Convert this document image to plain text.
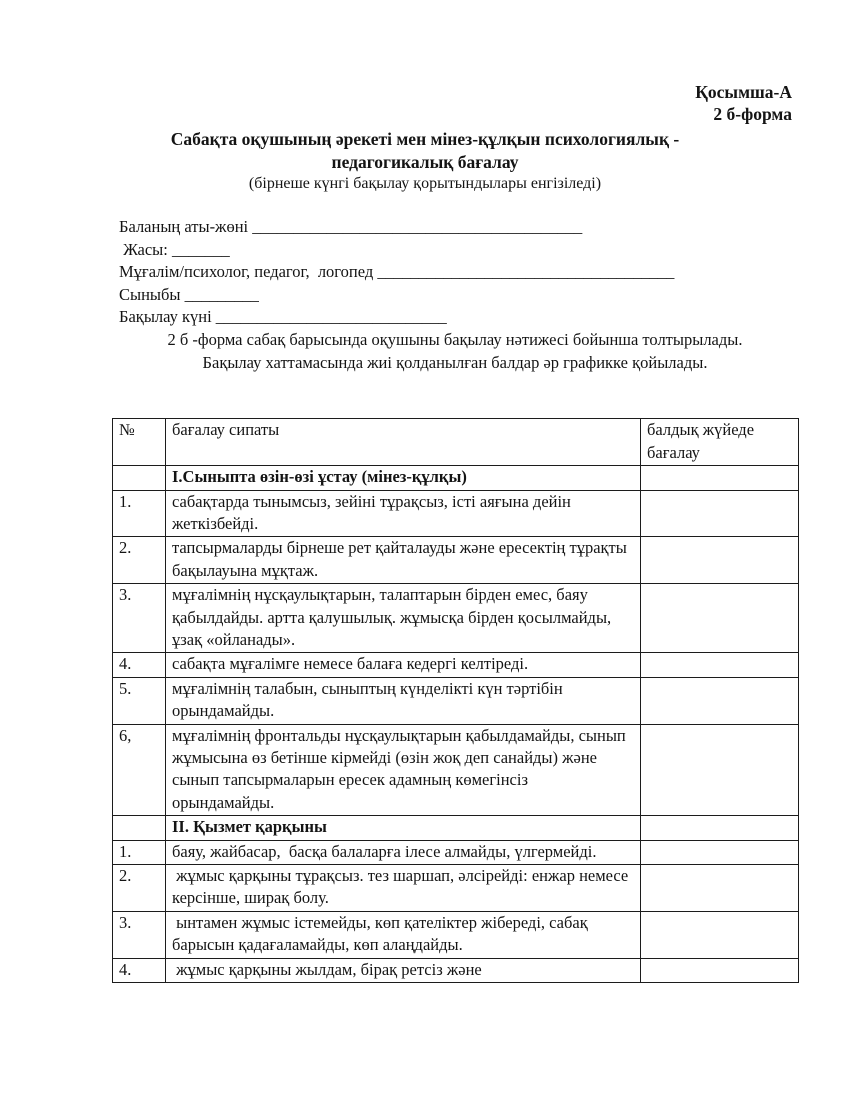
Қосымша-А
2 б-форма
Сабақта оқушының әрекеті мен мінез-құлқын психологиялық - педагогикалық бағалау
(бірнеше күнгі бақылау қорытындылары енгізіледі)
Баланың аты-жөні ________________________________________
Жасы: _______
Мұғалім/психолог, педагог,  логопед ____________________________________
Сыныбы _________
Бақылау күні ____________________________

2 б -форма сабақ барысында оқушыны бақылау нәтижесі бойынша толтырылады.

Бақылау хаттамасында жиі қолданылған балдар әр графикке қойылады.

№	бағалау сипаты	балдық жүйеде бағалау
	І.Сыныпта өзін-өзі ұстау (мінез-құлқы)	
1.	сабақтарда тынымсыз, зейіні тұрақсыз, істі аяғына дейін жеткізбейді.	
2.	тапсырмаларды бірнеше рет қайталауды және ересектің тұрақты бақылауына мұқтаж.	
3.	мұғалімнің нұсқаулықтарын, талаптарын бірден емес, баяу қабылдайды. артта қалушылық. жұмысқа бірден қосылмайды, ұзақ «ойланады».	
4.	сабақта мұғалімге немесе балаға кедергі келтіреді.	
5.	мұғалімнің талабын, сыныптың күнделікті күн тәртібін орындамайды.	
6,	мұғалімнің фронтальды нұсқаулықтарын қабылдамайды, сынып жұмысына өз бетінше кірмейді (өзін жоқ деп санайды) және сынып тапсырмаларын ересек адамның көмегінсіз орындамайды.	
	ІІ. Қызмет қарқыны	
1.	баяу, жайбасар,  басқа балаларға ілесе алмайды, үлгермейді.	
2.	жұмыс қарқыны тұрақсыз. тез шаршап, әлсірейді: енжар немесе керсінше, ширақ болу.	
3.	ынтамен жұмыс істемейды, көп қателіктер жібереді, сабақ барысын қадағаламайды, көп алаңдайды.	
4.	жұмыс қарқыны жылдам, бірақ ретсіз және	
